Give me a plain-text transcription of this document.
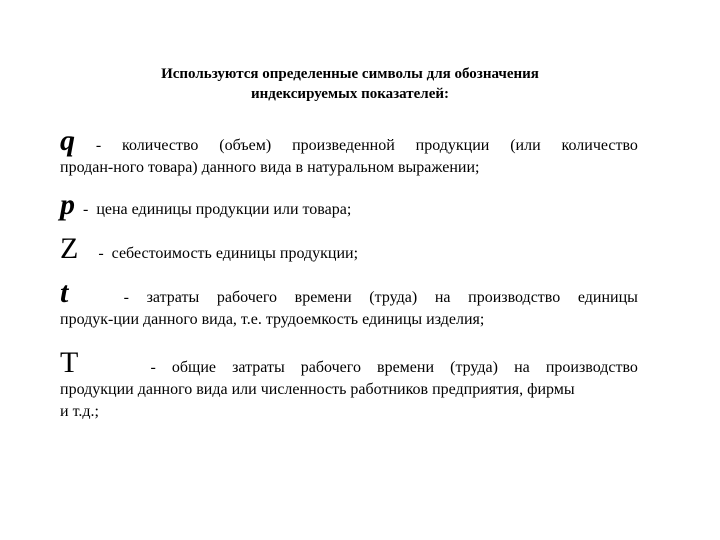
Используются определенные символы для обозначения
индексируемых показателей:
q - количество (объем) произведенной продукции (или количество
продан-ного товара) данного вида в натуральном выражении;
p - цена единицы продукции или товара;
Z - себестоимость единицы продукции;
t	- затраты рабочего времени (труда) на производство единицы
продук-ции данного вида, т.е. трудоемкость единицы изделия;
T	- общие затраты рабочего времени (труда) на производство
продукции данного вида или численность работников предприятия, фирмы
и т.д.;
